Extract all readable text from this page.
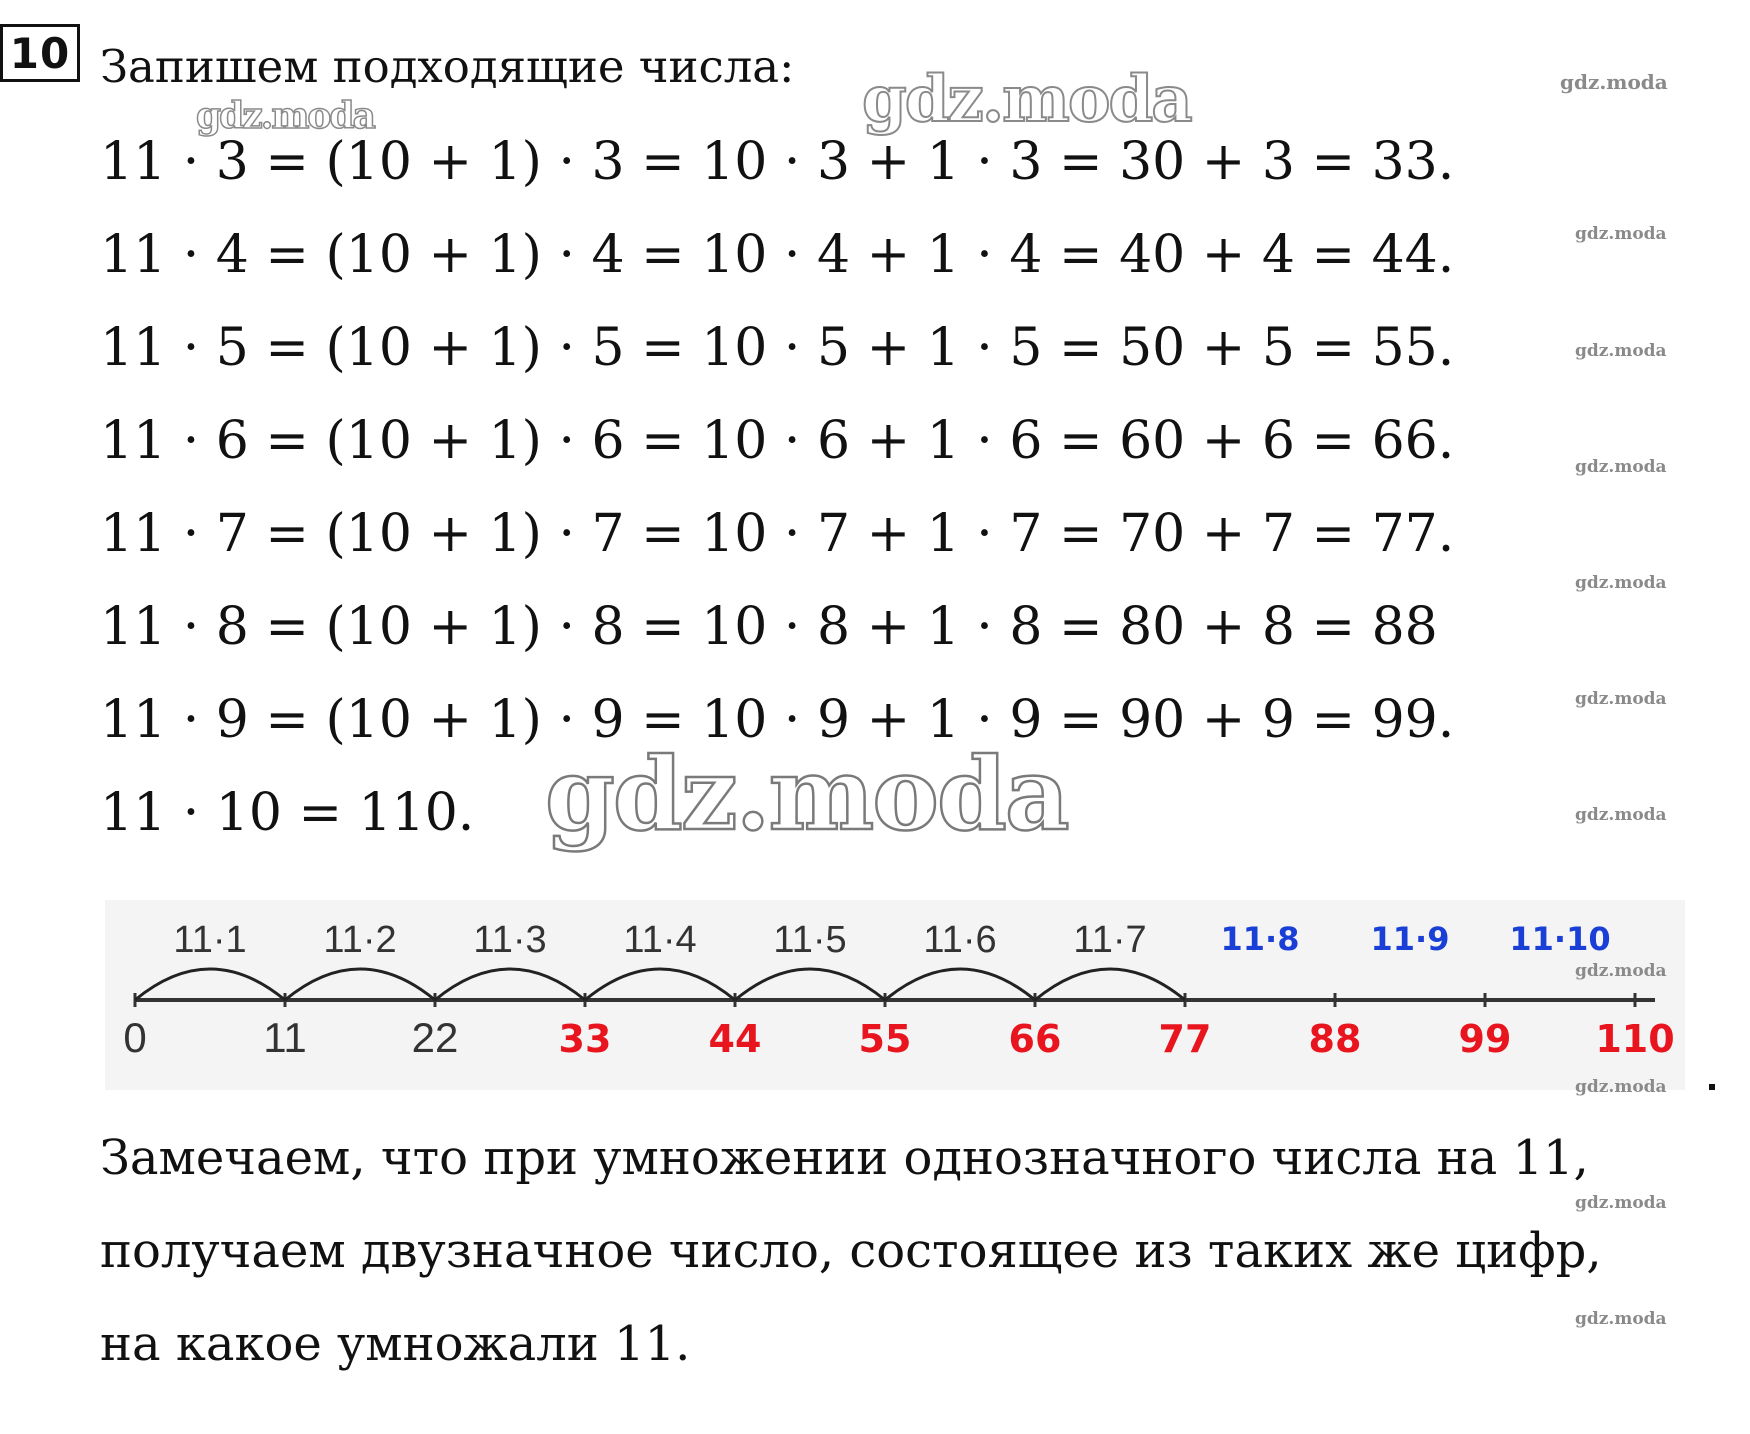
10 Запишем подходящие числа:
11 · 3 = (10 + 1) · 3 = 10 · 3 + 1 · 3 = 30 + 3 = 33.
11 · 4 = (10 + 1) · 4 = 10 · 4 + 1 · 4 = 40 + 4 = 44.
11 · 5 = (10 + 1) · 5 = 10 · 5 + 1 · 5 = 50 + 5 = 55.
11 · 6 = (10 + 1) · 6 = 10 · 6 + 1 · 6 = 60 + 6 = 66.
11 · 7 = (10 + 1) · 7 = 10 · 7 + 1 · 7 = 70 + 7 = 77.
11 · 8 = (10 + 1) · 8 = 10 · 8 + 1 · 8 = 80 + 8 = 88
11 · 9 = (10 + 1) · 9 = 10 · 9 + 1 · 9 = 90 + 9 = 99.
11 · 10 = 110.
0	11 22	33	44	55	66	77	88	99 110
11·1 11·2 11·3 11·4 11·5 11·6 11·7 11·8 11·9 11·10
Замечаем, что при умножении однозначного числа на 11,
получаем двузначное число, состоящее из таких же цифр,
на какое умножали 11.
gdz.moda
gdz.moda
gdz.moda
gdz.moda
gdz.moda
gdz.moda
gdz.moda
gdz.moda
gdz.moda
gdz.moda
gdz.moda
gdz.moda
gdz.moda
gdz.moda
